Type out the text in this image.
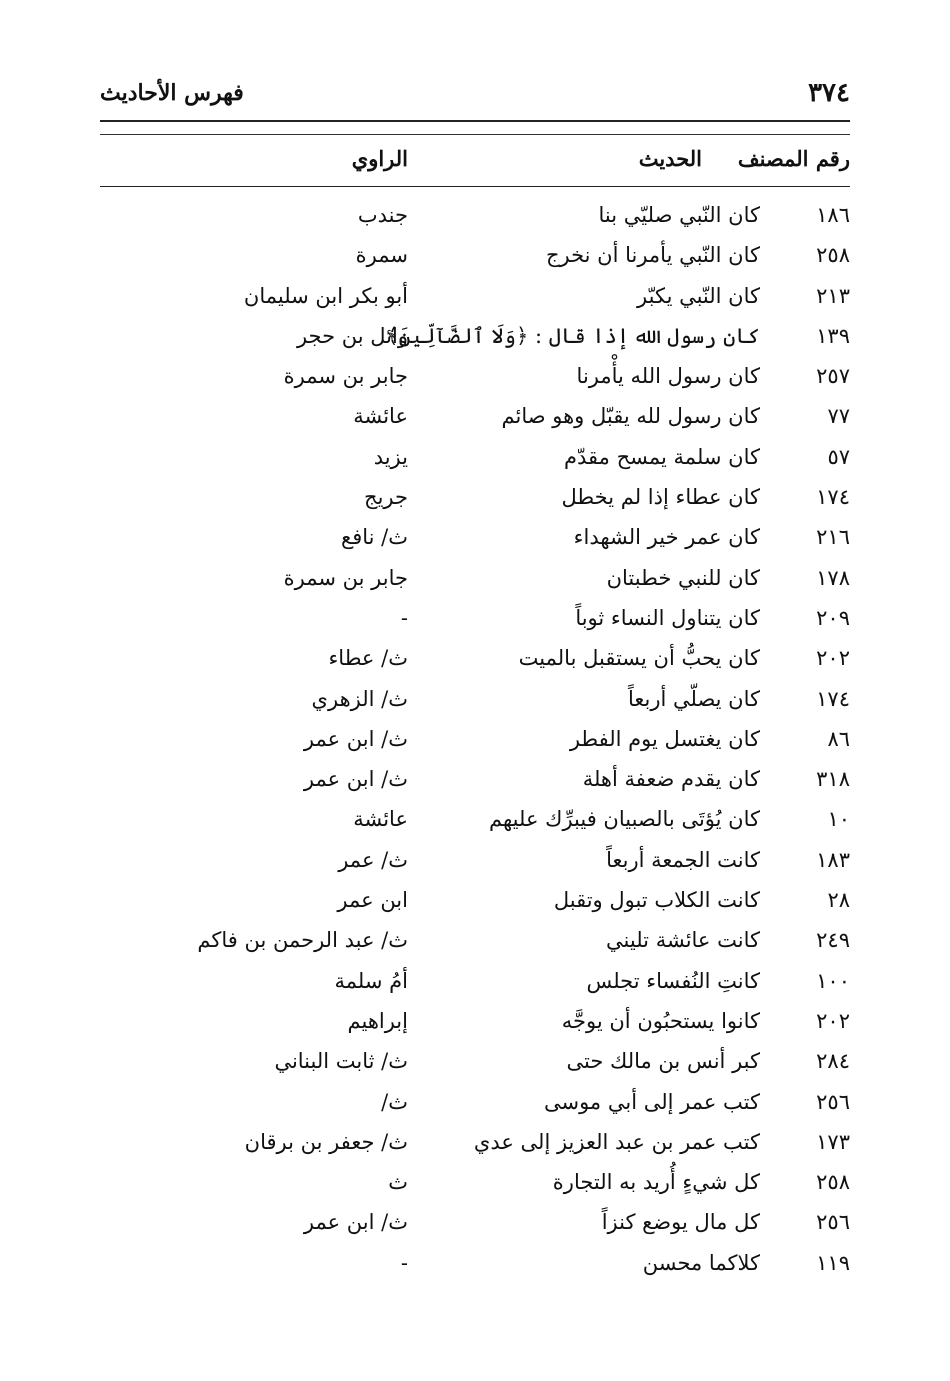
٣٧٤
فهرس الأحاديث
رقم المصنف
الحديث
الراوي
١٨٦
كان النّبي صليّي بنا
جندب
٢٥٨
كان النّبي يأمرنا أن نخرج
سمرة
٢١٣
كان النّبي يكبّر
أبو بكر ابن سليمان
١٣٩
كان رسول الله إذا قال : ﴿وَلَا ٱلضَّآلِّينَ﴾
وائل بن حجر
٢٥٧
كان رسول الله يأْمرنا
جابر بن سمرة
٧٧
كان رسول لله يقبّل وهو صائم
عائشة
٥٧
كان سلمة يمسح مقدّم
يزيد
١٧٤
كان عطاء إذا لم يخطل
جريج
٢١٦
كان عمر خير الشهداء
ث/ نافع
١٧٨
كان للنبي خطبتان
جابر بن سمرة
٢٠٩
كان يتناول النساء ثوباً
-
٢٠٢
كان يحبُّ أن يستقبل بالميت
ث/ عطاء
١٧٤
كان يصلّي أربعاً
ث/ الزهري
٨٦
كان يغتسل يوم الفطر
ث/ ابن عمر
٣١٨
كان يقدم ضعفة أهلة
ث/ ابن عمر
١٠
كان يُؤتَى بالصبيان فيبرِّك عليهم
عائشة
١٨٣
كانت الجمعة أربعاً
ث/ عمر
٢٨
كانت الكلاب تبول وتقبل
ابن عمر
٢٤٩
كانت عائشة تليني
ث/ عبد الرحمن بن فاكم
١٠٠
كانتِ النُفساء تجلس
أمُ سلمة
٢٠٢
كانوا يستحبُون أن يوجَّه
إبراهيم
٢٨٤
كبر أنس بن مالك حتى
ث/ ثابت البناني
٢٥٦
كتب عمر إلى أبي موسى
ث/
١٧٣
كتب عمر بن عبد العزيز إلى عدي
ث/ جعفر بن برقان
٢٥٨
كل شيءٍ أُريد به التجارة
ث
٢٥٦
كل مال يوضع كنزاً
ث/ ابن عمر
١١٩
كلاكما محسن
-
